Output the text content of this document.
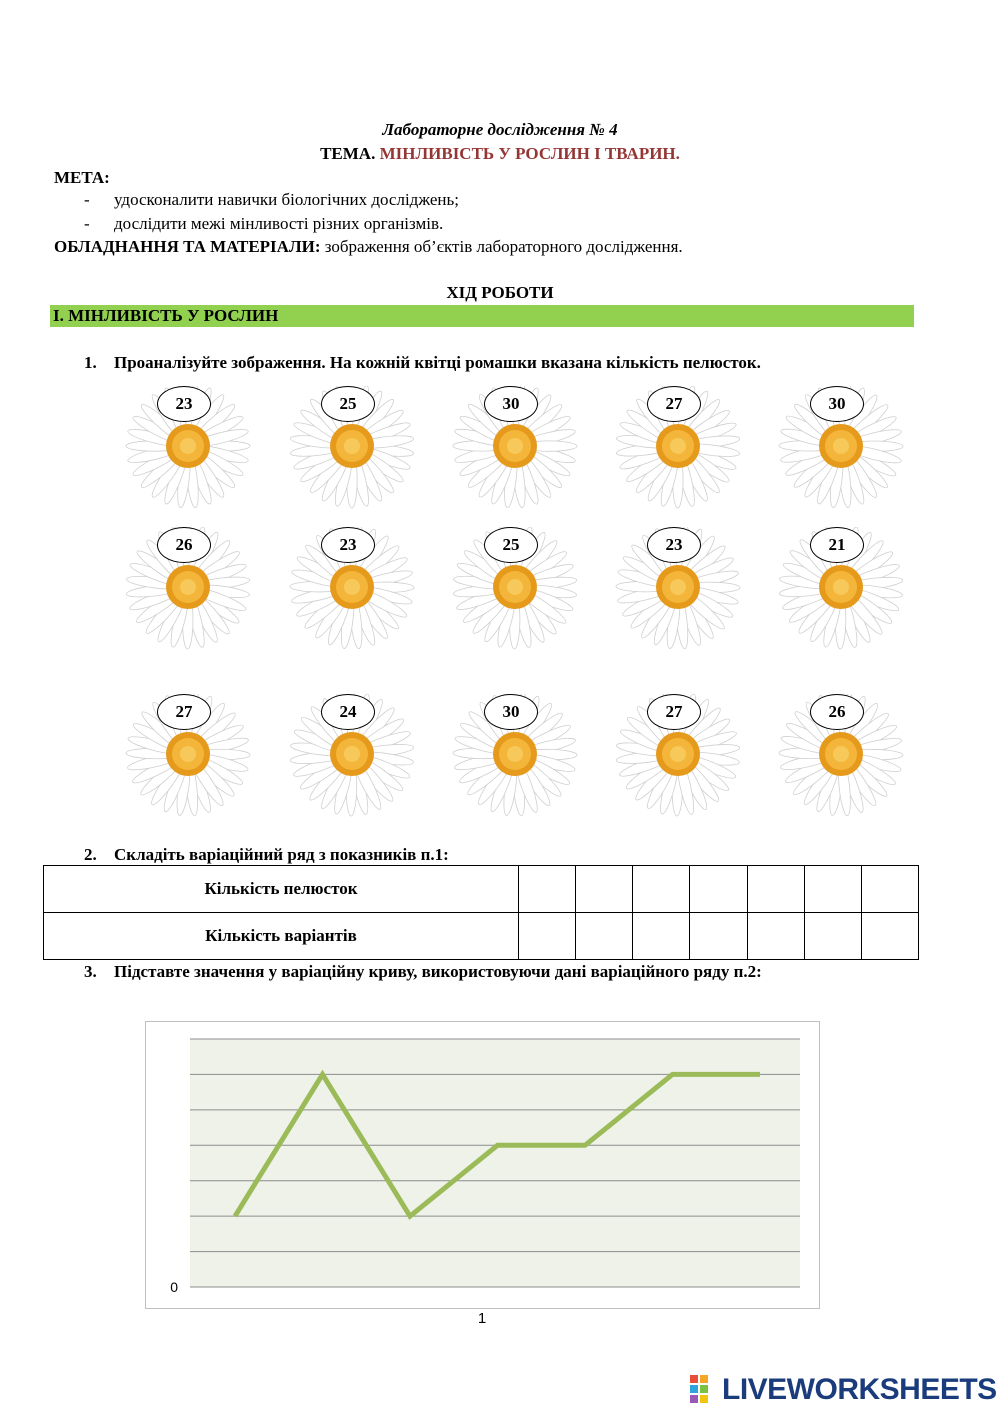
Лабораторне дослідження № 4
ТЕМА. МІНЛИВІСТЬ У РОСЛИН І ТВАРИН.
МЕТА:
- удосконалити навички біологічних досліджень;
- дослідити межі мінливості різних організмів.
ОБЛАДНАННЯ ТА МАТЕРІАЛИ: зображення об’єктів лабораторного дослідження.
ХІД РОБОТИ
І. МІНЛИВІСТЬ У РОСЛИН
1. Проаналізуйте зображення. На кожній квітці ромашки вказана кількість пелюсток.
23	25	30	27	30
26	23	25	23	21
27	24	30	27	26
2. Складіть варіаційний ряд з показників п.1:
Кількість пелюсток							
Кількість варіантів							
3. Підставте значення у варіаційну криву, використовуючи дані варіаційного ряду п.2:
0
1
LIVEWORKSHEETS
